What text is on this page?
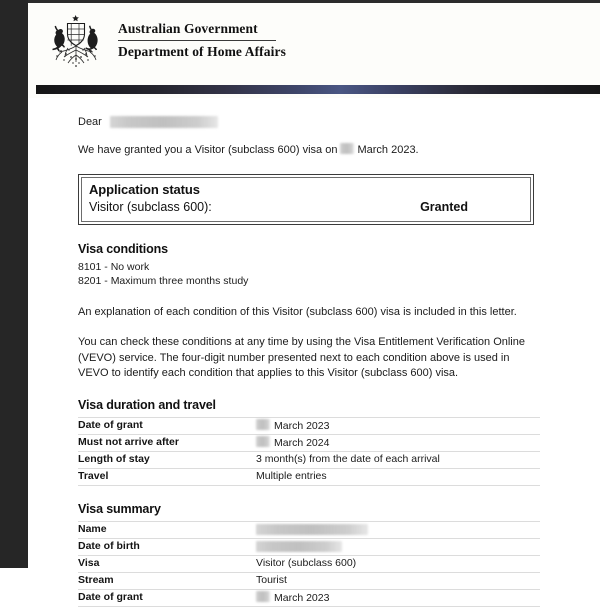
Australian Government
Department of Home Affairs
Dear
We have granted you a Visitor (subclass 600) visa on March 2023.
Application status
Visitor (subclass 600):	Granted
Visa conditions
8101 - No work
8201 - Maximum three months study
An explanation of each condition of this Visitor (subclass 600) visa is included in this letter.
You can check these conditions at any time by using the Visa Entitlement Verification Online (VEVO) service. The four-digit number presented next to each condition above is used in VEVO to identify each condition that applies to this Visitor (subclass 600) visa.
Visa duration and travel
Date of grant	March 2023
Must not arrive after	March 2024
Length of stay	3 month(s) from the date of each arrival
Travel	Multiple entries
Visa summary
Name	
Date of birth	
Visa	Visitor (subclass 600)
Stream	Tourist
Date of grant	March 2023
